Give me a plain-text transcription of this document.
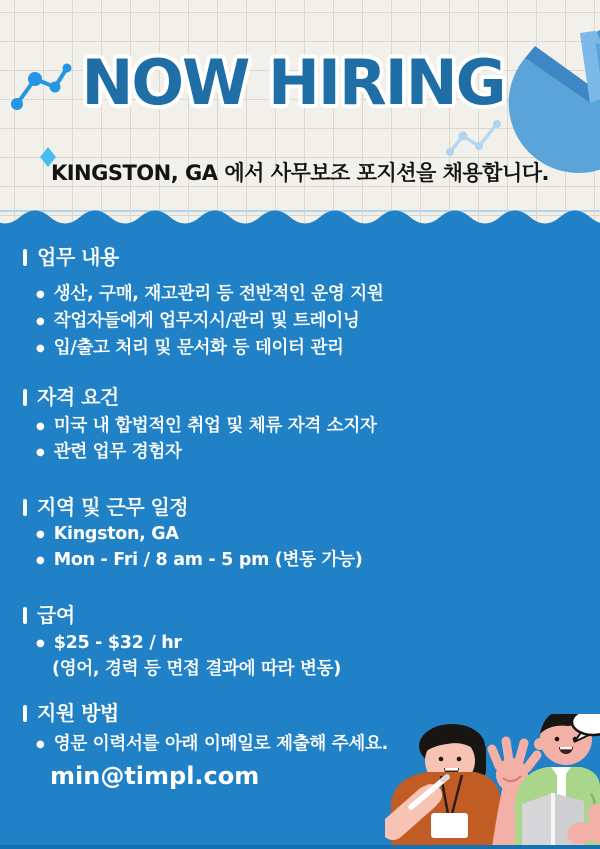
NOW HIRING
KINGSTON, GA 에서 사무보조 포지션을 채용합니다.
업무 내용
● 생산, 구매, 재고관리 등 전반적인 운영 지원
● 작업자들에게 업무지시/관리 및 트레이닝
● 입/출고 처리 및 문서화 등 데이터 관리
자격 요건
● 미국 내 합법적인 취업 및 체류 자격 소지자
● 관련 업무 경험자
지역 및 근무 일정
● Kingston, GA
● Mon - Fri / 8 am - 5 pm (변동 가능)
급여
● $25 - $32 / hr
(영어, 경력 등 면접 결과에 따라 변동)
지원 방법
● 영문 이력서를 아래 이메일로 제출해 주세요.
min@timpl.com
